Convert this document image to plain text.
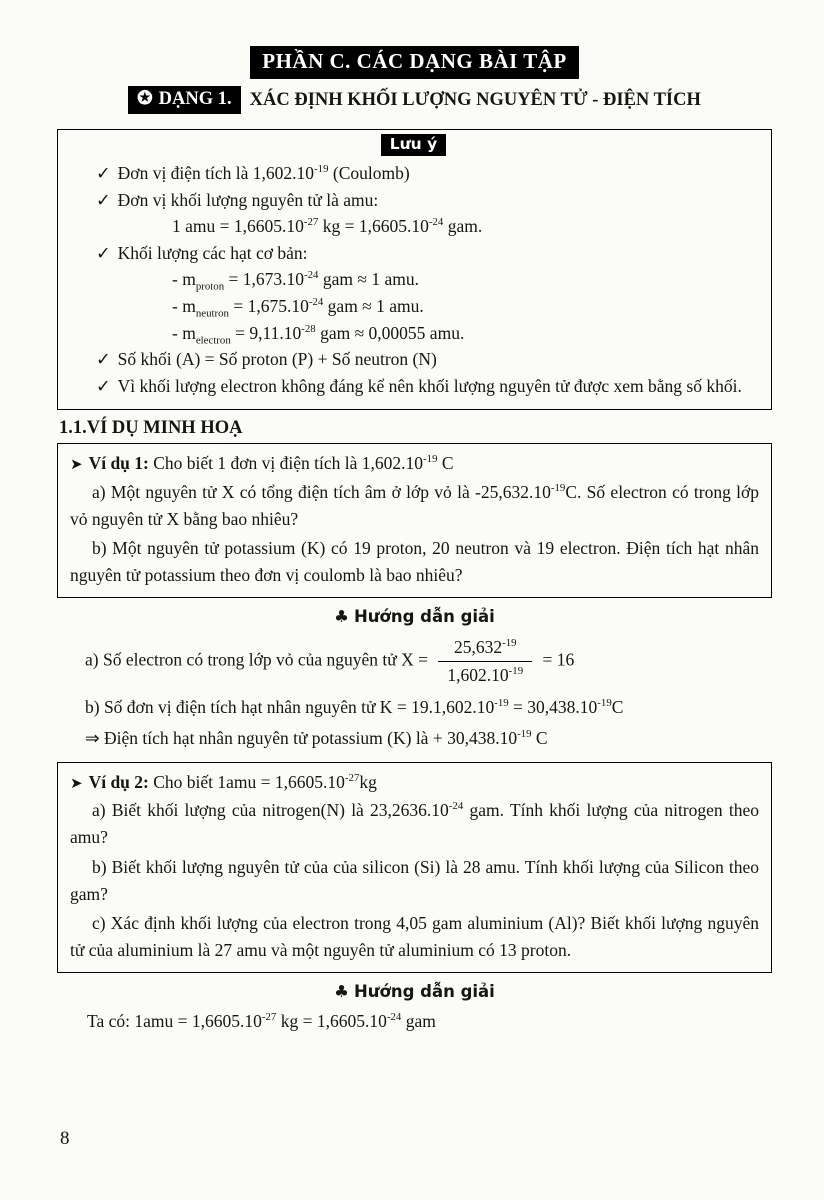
PHẦN C. CÁC DẠNG BÀI TẬP
✪ DẠNG 1. XÁC ĐỊNH KHỐI LƯỢNG NGUYÊN TỬ - ĐIỆN TÍCH
Lưu ý
✓ Đơn vị điện tích là $1,602.10^{-19}$ (Coulomb)
✓ Đơn vị khối lượng nguyên tử là amu:
1 amu = $1,6605.10^{-27}$ kg = $1,6605.10^{-24}$ gam.
✓ Khối lượng các hạt cơ bản:
- $m_{proton} = 1,673.10^{-24}$ gam ≈ 1 amu.
- $m_{neutron} = 1,675.10^{-24}$ gam ≈ 1 amu.
- $m_{electron} = 9,11.10^{-28}$ gam ≈ 0,00055 amu.
✓ Số khối (A) = Số proton (P) + Số neutron (N)
✓ Vì khối lượng electron không đáng kể nên khối lượng nguyên tử được xem bằng số khối.
1.1.VÍ DỤ MINH HOẠ
➤ Ví dụ 1: Cho biết 1 đơn vị điện tích là $1,602.10^{-19}$ C

a) Một nguyên tử X có tổng điện tích âm ở lớp vỏ là $-25,632.10^{-19}C$. Số electron có trong lớp vỏ nguyên tử X bằng bao nhiêu?

b) Một nguyên tử potassium (K) có 19 proton, 20 neutron và 19 electron. Điện tích hạt nhân nguyên tử potassium theo đơn vị coulomb là bao nhiêu?

♣ Hướng dẫn giải
a) Số electron có trong lớp vỏ của nguyên tử $X = \frac{25,632^{-19}}{1,602.10^{-19}} = 16$
b) Số đơn vị điện tích hạt nhân nguyên tử $K = 19.1,602.10^{-19} = 30,438.10^{-19}C$
⇒ Điện tích hạt nhân nguyên tử potassium (K) là + $30,438.10^{-19}$ C
➤ Ví dụ 2: Cho biết $1amu = 1,6605.10^{-27}kg$

a) Biết khối lượng của nitrogen(N) là $23,2636.10^{-24}$ gam. Tính khối lượng của nitrogen theo amu?

b) Biết khối lượng nguyên tử của của silicon (Si) là 28 amu. Tính khối lượng của Silicon theo gam?

c) Xác định khối lượng của electron trong 4,05 gam aluminium (Al)? Biết khối lượng nguyên tử của aluminium là 27 amu và một nguyên tử aluminium có 13 proton.

♣ Hướng dẫn giải
Ta có: $1amu = 1,6605.10^{-27}$ kg = $1,6605.10^{-24}$ gam
8
